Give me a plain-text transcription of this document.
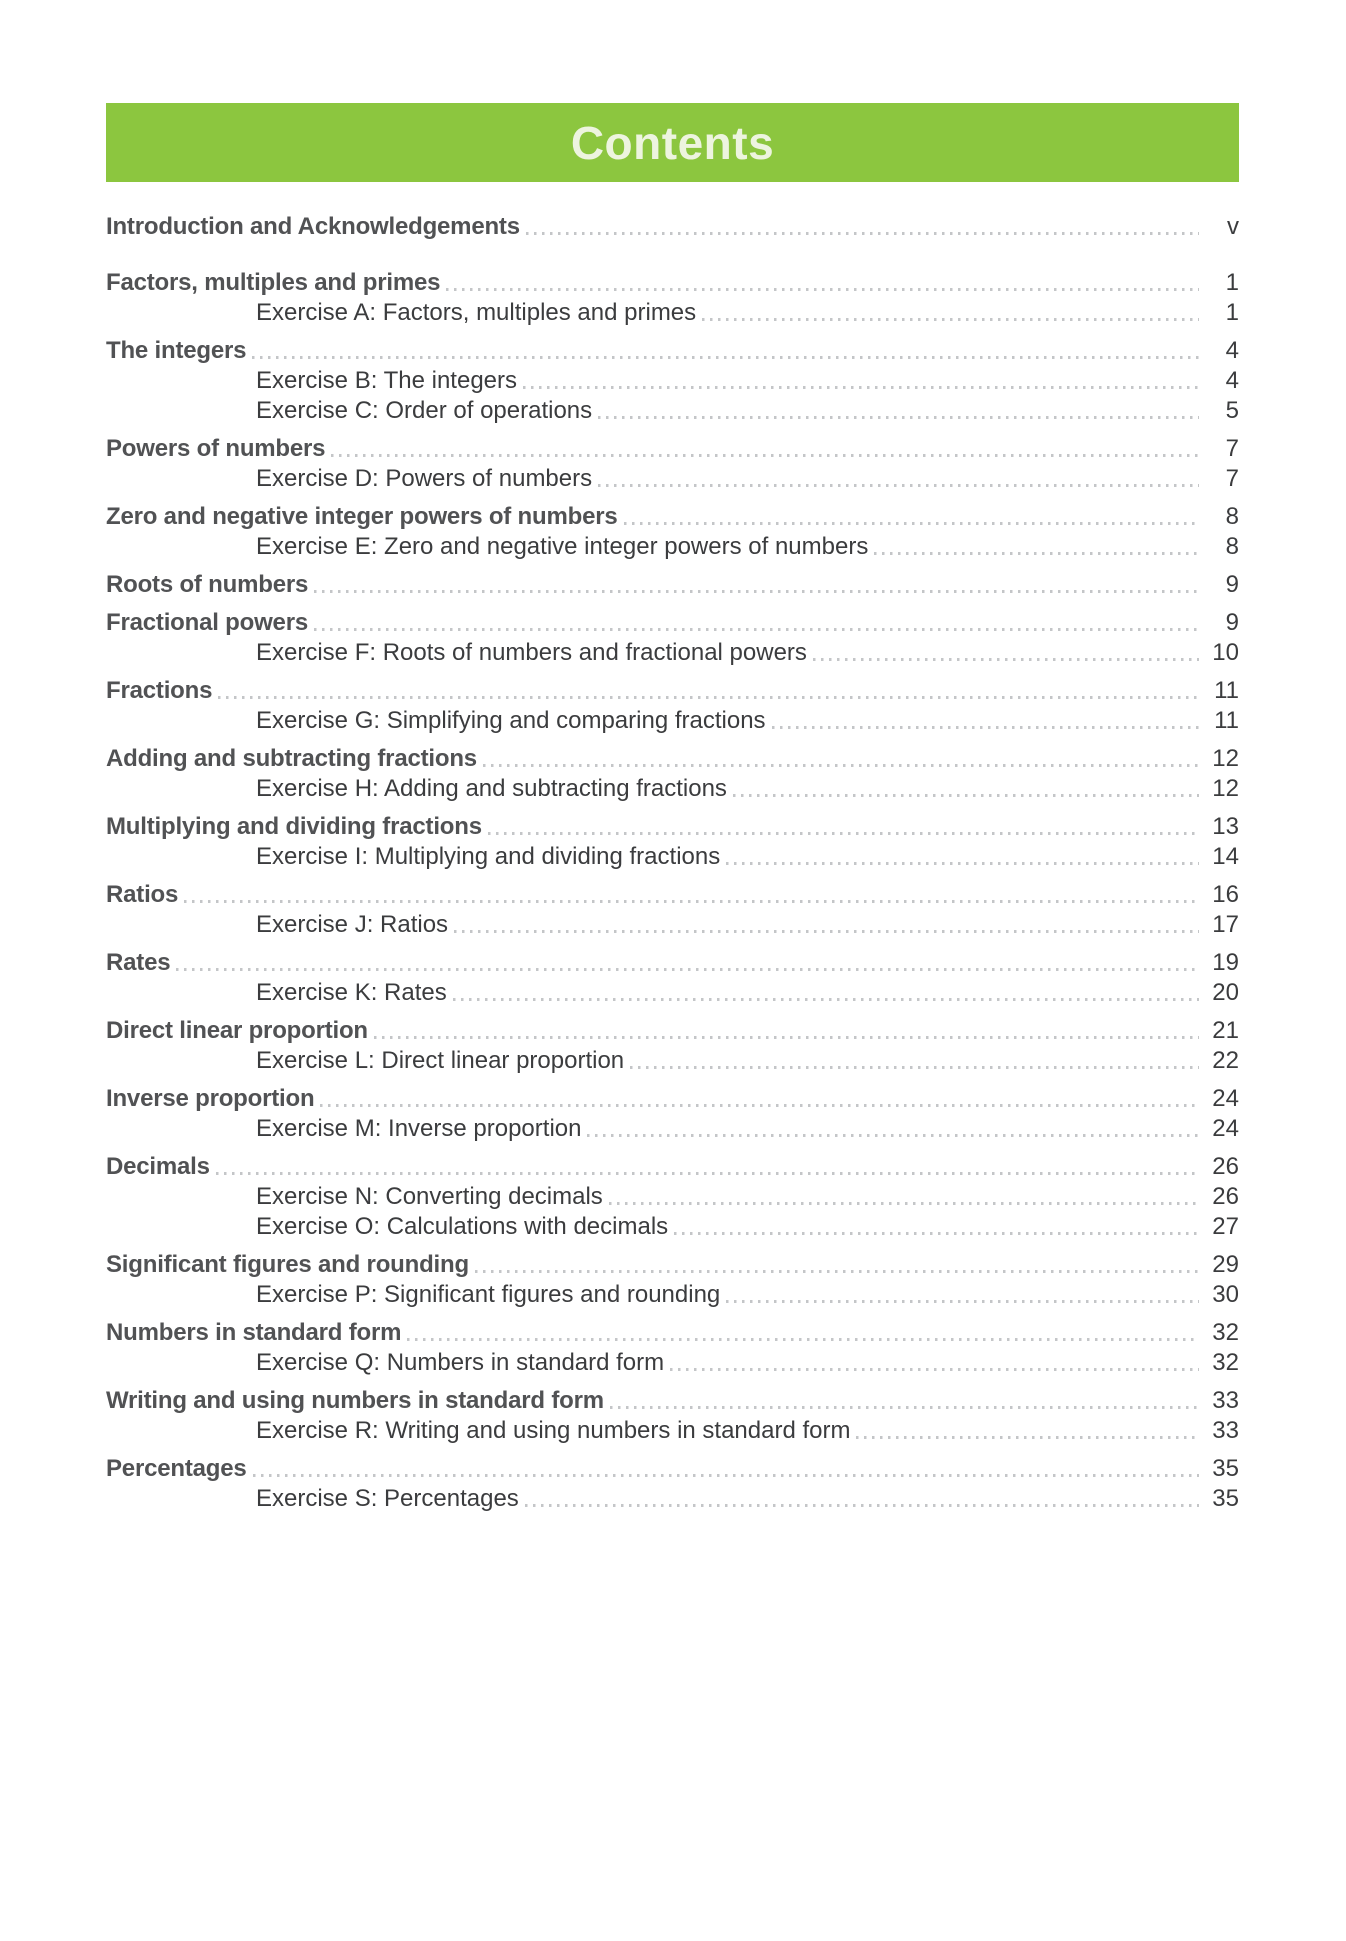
Contents
Introduction and Acknowledgements	v
Factors, multiples and primes	1
Exercise A: Factors, multiples and primes	1
The integers	4
Exercise B: The integers	4
Exercise C: Order of operations	5
Powers of numbers	7
Exercise D: Powers of numbers	7
Zero and negative integer powers of numbers	8
Exercise E: Zero and negative integer powers of numbers	8
Roots of numbers	9
Fractional powers	9
Exercise F: Roots of numbers and fractional powers	10
Fractions	11
Exercise G: Simplifying and comparing fractions	11
Adding and subtracting fractions	12
Exercise H: Adding and subtracting fractions	12
Multiplying and dividing fractions	13
Exercise I: Multiplying and dividing fractions	14
Ratios	16
Exercise J: Ratios	17
Rates	19
Exercise K: Rates	20
Direct linear proportion	21
Exercise L: Direct linear proportion	22
Inverse proportion	24
Exercise M: Inverse proportion	24
Decimals	26
Exercise N: Converting decimals	26
Exercise O: Calculations with decimals	27
Significant figures and rounding	29
Exercise P: Significant figures and rounding	30
Numbers in standard form	32
Exercise Q: Numbers in standard form	32
Writing and using numbers in standard form	33
Exercise R: Writing and using numbers in standard form	33
Percentages	35
Exercise S: Percentages	35
